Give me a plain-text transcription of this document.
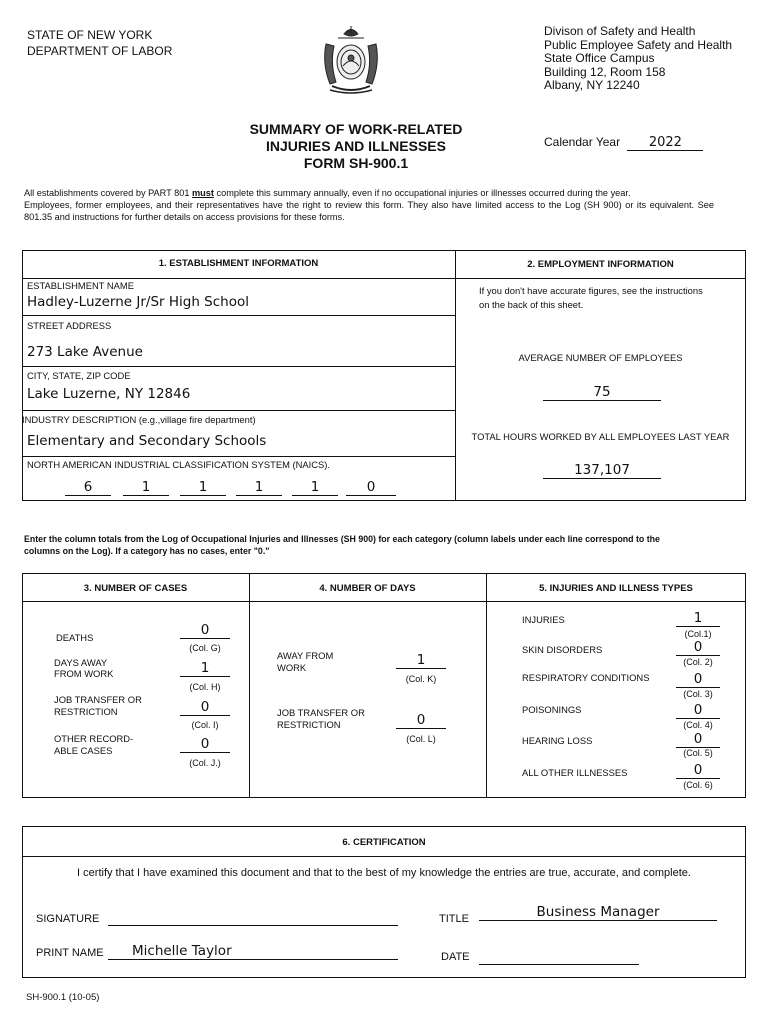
STATE OF NEW YORK
DEPARTMENT OF LABOR
Divison of Safety and Health
Public Employee Safety and Health
State Office Campus
Building 12, Room 158
Albany, NY 12240
SUMMARY OF WORK-RELATED
INJURIES AND ILLNESSES
FORM SH-900.1
Calendar Year 2022
All establishments covered by PART 801 must complete this summary annually, even if no occupational injuries or illnesses occurred during the year.
Employees, former employees, and their representatives have the right to review this form. They also have limited access to the Log (SH 900) or its equivalent. See 801.35 and instructions for further details on access provisions for these forms.
1. ESTABLISHMENT INFORMATION	2. EMPLOYMENT INFORMATION
ESTABLISHMENT NAME
Hadley-Luzerne Jr/Sr High School
STREET ADDRESS
273 Lake Avenue
CITY, STATE, ZIP CODE
Lake Luzerne, NY 12846
INDUSTRY DESCRIPTION (e.g.,village fire department)
Elementary and Secondary Schools
NORTH AMERICAN INDUSTRIAL CLASSIFICATION SYSTEM (NAICS).
6	1	1	1	1	0
If you don't have accurate figures, see the instructions on the back of this sheet.
AVERAGE NUMBER OF EMPLOYEES
75
TOTAL HOURS WORKED BY ALL EMPLOYEES LAST YEAR
137,107
Enter the column totals from the Log of Occupational Injuries and Illnesses (SH 900) for each category (column labels under each line correspond to the columns on the Log). If a category has no cases, enter "0."
3. NUMBER OF CASES	4. NUMBER OF DAYS	5. INJURIES AND ILLNESS TYPES
DEATHS	0
(Col. G)
DAYS AWAY FROM WORK	1
(Col. H)
JOB TRANSFER OR RESTRICTION	0
(Col. I)
OTHER RECORD- ABLE CASES	0
(Col. J.)
AWAY FROM WORK	1
(Col. K)
JOB TRANSFER OR RESTRICTION	0
(Col. L)
INJURIES	1
(Col.1)
SKIN DISORDERS	0
(Col. 2)
RESPIRATORY CONDITIONS	0
(Col. 3)
POISONINGS	0
(Col. 4)
HEARING LOSS	0
(Col. 5)
ALL OTHER ILLNESSES	0
(Col. 6)
6. CERTIFICATION
I certify that I have examined this document and that to the best of my knowledge the entries are true, accurate, and complete.
SIGNATURE	TITLE	Business Manager
PRINT NAME	Michelle Taylor	DATE
SH-900.1 (10-05)
